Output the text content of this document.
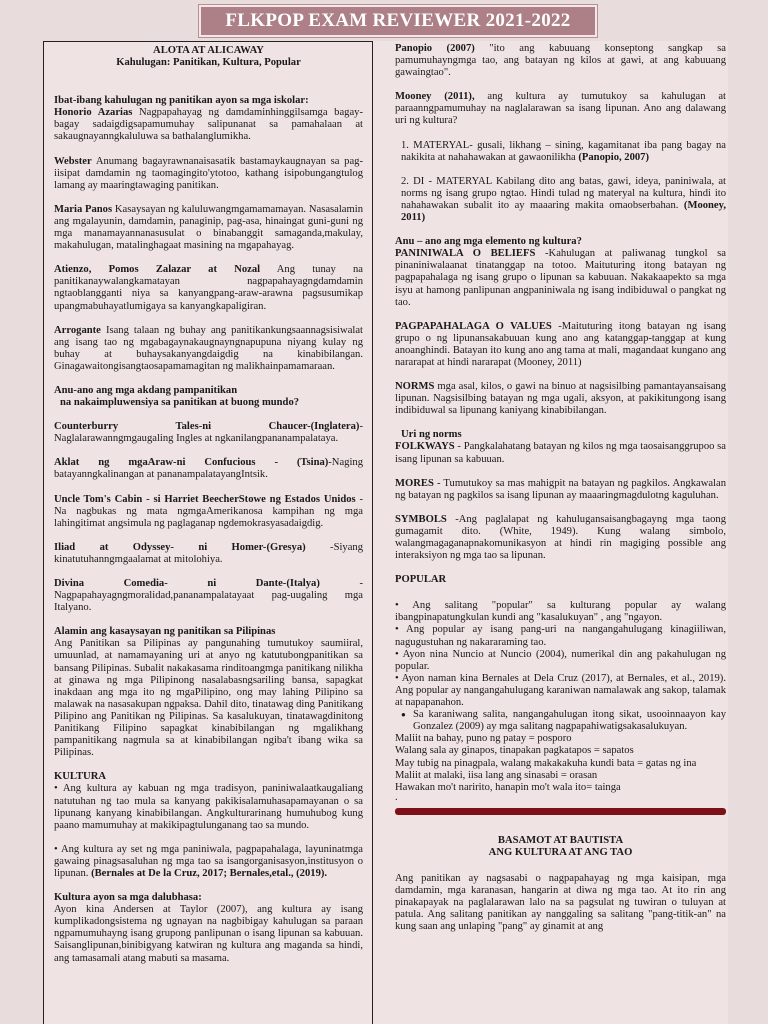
FLKPOP EXAM REVIEWER 2021-2022
ALOTA AT ALICAWAY

Kahulugan: Panitikan, Kultura, Popular

Ibat-ibang kahulugan ng panitikan ayon sa mga iskolar:

Honorio Azarias Nagpapahayag ng damdaminhinggilsamga bagay-bagay sadaigdigsapamumuhay salipunanat sa pamahalaan at sakaugnayanngkaluluwa sa bathalanglumikha.

Webster Anumang bagayrawnanaisasatik bastamaykaugnayan sa pag-iisipat damdamin ng taomagingito'ytotoo, kathang isipobungangtulog lamang ay maaringtawaging panitikan.

Maria Panos Kasaysayan ng kaluluwangmgamamamayan. Nasasalamin ang mgalayunin, damdamin, panaginip, pag-asa, hinaingat guni-guni ng mga manamayannanasusulat o binabanggit samaganda,makulay, makahulugan, matalinghagaat masining na mgapahayag.

Atienzo, Pomos Zalazar at Nozal Ang tunay na panitikanaywalangkamatayan nagpapahayagngdamdamin ngtaoblangganti niya sa kanyangpang-araw-arawna pagsusumikap upangmabuhayatlumigaya sa kanyangkapaligiran.

Arrogante Isang talaan ng buhay ang panitikankungsaannagsisiwalat ang isang tao ng mgabagaynakaugnayngnapupuna niyang kulay ng buhay at buhaysakanyangdaigdig na kinabibilangan. Ginagawaitongisangtaosapamamagitan ng malikhainpamamaraan.

Anu-ano ang mga akdang pampanitikan

na nakaimpluwensiya sa panitikan at buong mundo?

Counterburry Tales-ni Chaucer-(Inglatera)-Naglalarawanngmgaugaling Ingles at ngkanilangpananampalataya.

Aklat ng mgaAraw-ni Confucious - (Tsina)-Naging batayanngkalinangan at pananampalatayangIntsik.

Uncle Tom's Cabin - si Harriet BeecherStowe ng Estados Unidos -Na nagbukas ng mata ngmgaAmerikanosa kampihan ng mga lahingitimat angsimula ng paglaganap ngdemokrasyasadaigdig.

Iliad at Odyssey- ni Homer-(Gresya) -Siyang kinatutuhanngmgaalamat at mitolohiya.

Divina Comedia- ni Dante-(Italya) -Nagpapahayagngmoralidad,pananampalatayaat pag-uugaling mga Italyano.

Alamin ang kasaysayan ng panitikan sa Pilipinas

Ang Panitikan sa Pilipinas ay pangunahing tumutukoy saumiiral, umuunlad, at namamayaning uri at anyo ng katutubongpanitikan sa bansang Pilipinas. Subalit nakakasama rinditoangmga panitikang nilikha at ginawa ng mga Pilipinong nasalabasngsariling bansa, sapagkat inakdaan ang mga ito ng mgaPilipino, ong may lahing Pilipino sa malawak na nasasakupan ngpaksa. Dahil dito, tinatawag ding Panitikang Pilipino ang Panitikan ng Pilipinas. Sa kasalukuyan, tinatawagdinitong Panitikang Filipino sapagkat kinabibilangan ng mgalikhang pampanitikang nagmula sa at kinabibilangan ngiba't ibang wika sa Pilipinas.

KULTURA

• Ang kultura ay kabuan ng mga tradisyon, paniniwalaatkaugaliang natutuhan ng tao mula sa kanyang pakikisalamuhasapamayanan o sa lipunang kanyang kinabibilangan. Angkulturarinang humuhubog kung paano mamumuhay at makikipagtulunganang tao sa mundo.

• Ang kultura ay set ng mga paniniwala, pagpapahalaga, layuninatmga gawaing pinagsasaluhan ng mga tao sa isangorganisasyon,institusyon o lipunan. (Bernales at De la Cruz, 2017; Bernales,etal., (2019).

Kultura ayon sa mga dalubhasa:

Ayon kina Andersen at Taylor (2007), ang kultura ay isang kumplikadongsistema ng ugnayan na nagbibigay kahulugan sa paraan ngpamumuhayng isang grupong panlipunan o isang lipunan sa kabuuan. Saisanglipunan,binibigyang katwiran ng kultura ang maganda sa hindi, ang tamasamali atang mabuti sa masama.

Panopio (2007) "ito ang kabuuang konseptong sangkap sa pamumuhayngmga tao, ang batayan ng kilos at gawi, at ang kabuuang gawaingtao".

Mooney (2011), ang kultura ay tumutukoy sa kahulugan at paraanngpamumuhay na naglalarawan sa isang lipunan. Ano ang dalawang uri ng kultura?

1. MATERYAL- gusali, likhang – sining, kagamitanat iba pang bagay na nakikita at nahahawakan at gawaonilikha (Panopio, 2007)

2. DI - MATERYAL Kabilang dito ang batas, gawi, ideya, paniniwala, at norms ng isang grupo ngtao. Hindi tulad ng materyal na kultura, hindi ito nahahawakan subalit ito ay maaaring makita omaobserbahan. (Mooney, 2011)

Anu – ano ang mga elemento ng kultura?

PANINIWALA O BELIEFS -Kahulugan at paliwanag tungkol sa pinaniniwalaanat tinatanggap na totoo. Maituturing itong batayan ng pagpapahalaga ng isang grupo o lipunan sa kabuuan. Nakakaapekto sa mga isyu at hamong panlipunan angpaniniwala ng isang indibiduwal o pangkat ng tao.

PAGPAPAHALAGA O VALUES -Maituturing itong batayan ng isang grupo o ng lipunansakabuuan kung ano ang katanggap-tanggap at kung anoanghindi. Batayan ito kung ano ang tama at mali, magandaat kungano ang nararapat at hindi nararapat (Mooney, 2011)

NORMS mga asal, kilos, o gawi na binuo at nagsisilbing pamantayansaisang lipunan. Nagsisilbing batayan ng mga ugali, aksyon, at pakikitungong isang indibiduwal sa lipunang kaniyang kinabibilangan.

Uri ng norms

FOLKWAYS - Pangkalahatang batayan ng kilos ng mga taosaisanggrupoo sa isang lipunan sa kabuuan.

MORES - Tumutukoy sa mas mahigpit na batayan ng pagkilos. Angkawalan ng batayan ng pagkilos sa isang lipunan ay maaaringmagdulotng kaguluhan.

SYMBOLS -Ang paglalapat ng kahulugansaisangbagayng mga taong gumagamit dito. (White, 1949). Kung walang simbolo, walangmagaganapnakomunikasyon at hindi rin magiging possible ang interaksiyon ng mga tao sa lipunan.

POPULAR

• Ang salitang "popular" sa kulturang popular ay walang ibangpinapatungkulan kundi ang "kasalukuyan" , ang "ngayon.
• Ang popular ay isang pang-uri na nangangahulugang kinagiiliwan, nagugustuhan ng nakararaming tao.
• Ayon nina Nuncio at Nuncio (2004), numerikal din ang pakahulugan ng popular.
• Ayon naman kina Bernales at Dela Cruz (2017), at Bernales, et al., 2019). Ang popular ay nangangahulugang karaniwan namalawak ang sakop, talamak at napapanahon.
● Sa karaniwang salita, nangangahulugan itong sikat, usooinnaayon kay Gonzalez (2009) ay mga salitang nagpapahiwatigsakasalukuyan.
Maliit na bahay, puno ng patay = posporo
Walang sala ay ginapos, tinapakan pagkatapos = sapatos
May tubig na pinagpala, walang makakakuha kundi bata = gatas ng ina
Maliit at malaki, iisa lang ang sinasabi = orasan
Hawakan mo't naririto, hanapin mo't wala ito= tainga
.
BASAMOT AT BAUTISTA

ANG KULTURA AT ANG TAO

Ang panitikan ay nagsasabi o nagpapahayag ng mga kaisipan, mga damdamin, mga karanasan, hangarin at diwa ng mga tao. At ito rin ang pinakapayak na paglalarawan lalo na sa pagsulat ng tuwiran o tuluyan at patula. Ang salitang panitikan ay nanggaling sa salitang "pang-titik-an" na kung saan ang unlaping "pang" ay ginamit at ang
